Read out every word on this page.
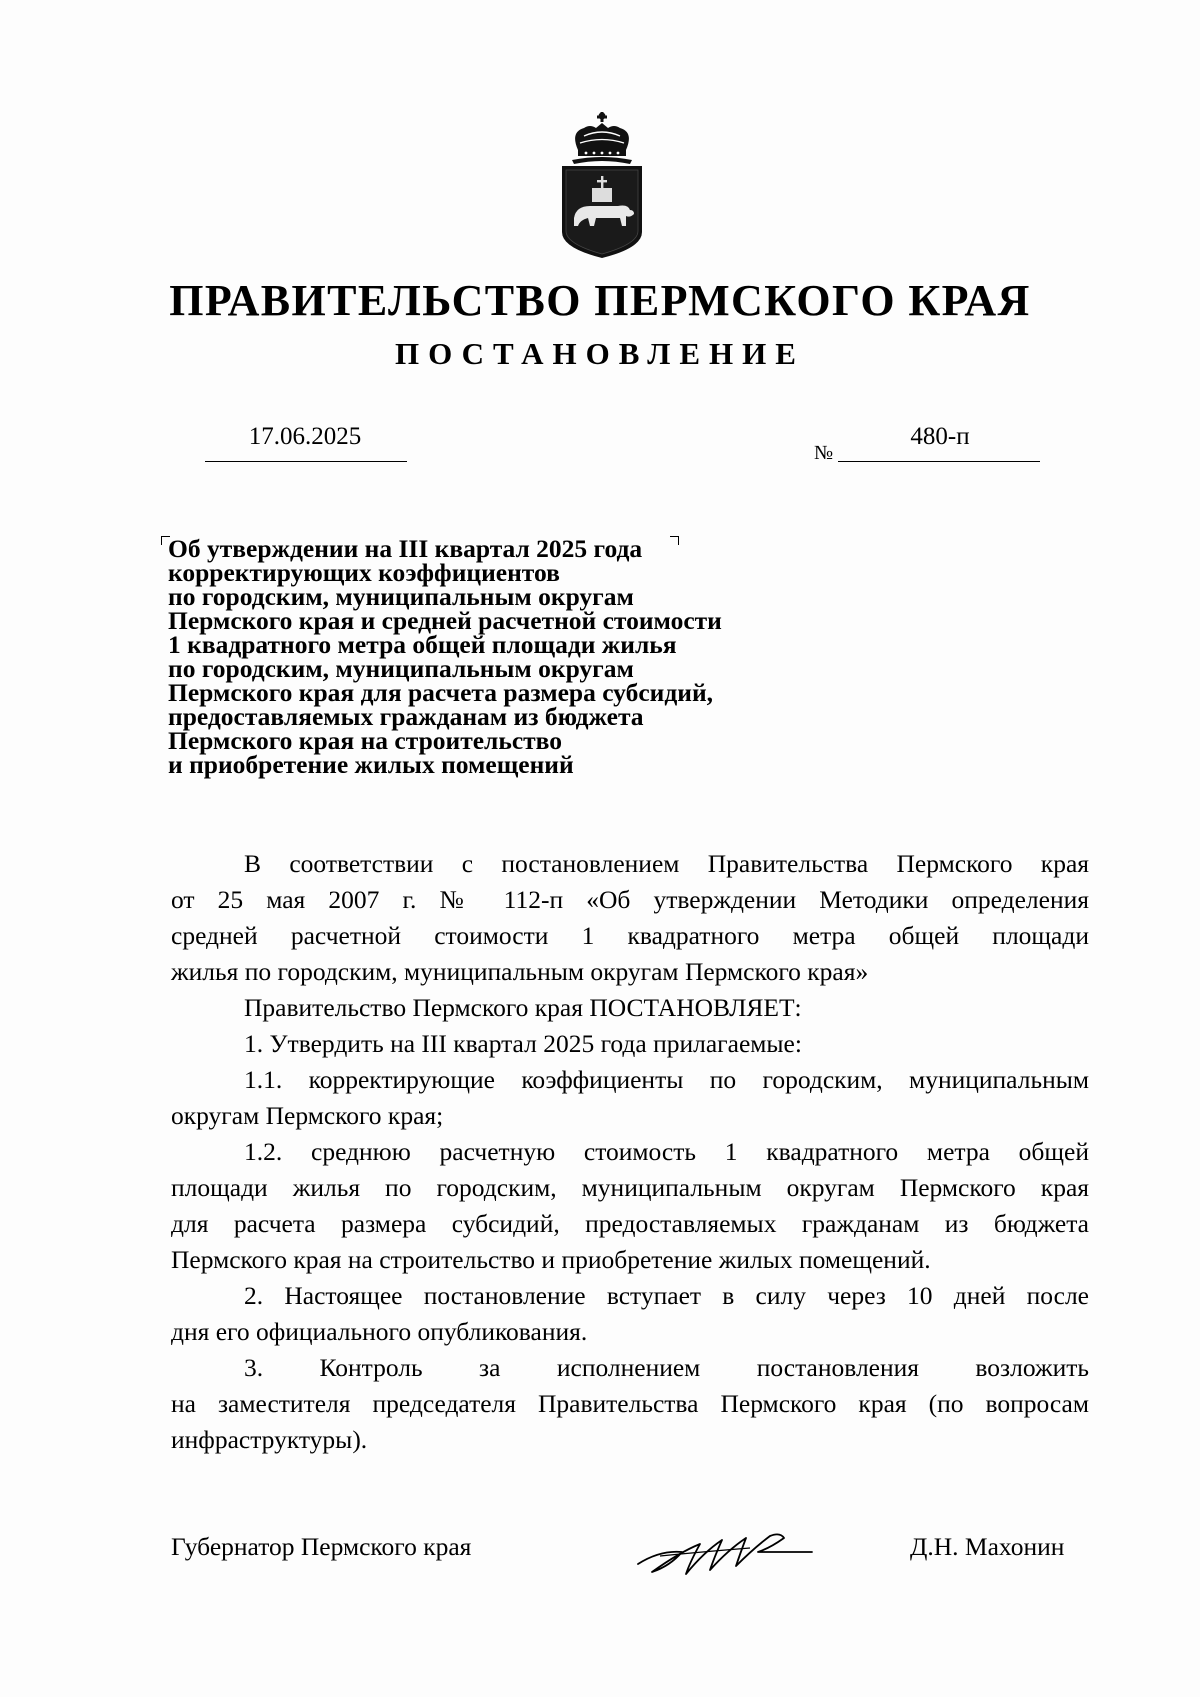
ПРАВИТЕЛЬСТВО ПЕРМСКОГО КРАЯ
ПОСТАНОВЛЕНИЕ
17.06.2025
№
480-п
Об утверждении на III квартал 2025 года
корректирующих коэффициентов
по городским, муниципальным округам
Пермского края и средней расчетной стоимости
1 квадратного метра общей площади жилья
по городским, муниципальным округам
Пермского края для расчета размера субсидий,
предоставляемых гражданам из бюджета
Пермского края на строительство
и приобретение жилых помещений

В соответствии с постановлением Правительства Пермского края

от 25 мая 2007 г. № 112-п «Об утверждении Методики определения

средней расчетной стоимости 1 квадратного метра общей площади

жилья по городским, муниципальным округам Пермского края»

Правительство Пермского края ПОСТАНОВЛЯЕТ:

1. Утвердить на III квартал 2025 года прилагаемые:

1.1. корректирующие коэффициенты по городским, муниципальным

округам Пермского края;

1.2. среднюю расчетную стоимость 1 квадратного метра общей

площади жилья по городским, муниципальным округам Пермского края

для расчета размера субсидий, предоставляемых гражданам из бюджета

Пермского края на строительство и приобретение жилых помещений.

2. Настоящее постановление вступает в силу через 10 дней после

дня его официального опубликования.

3. Контроль за исполнением постановления возложить

на заместителя председателя Правительства Пермского края (по вопросам

инфраструктуры).

Губернатор Пермского края	Д.Н. Махонин
